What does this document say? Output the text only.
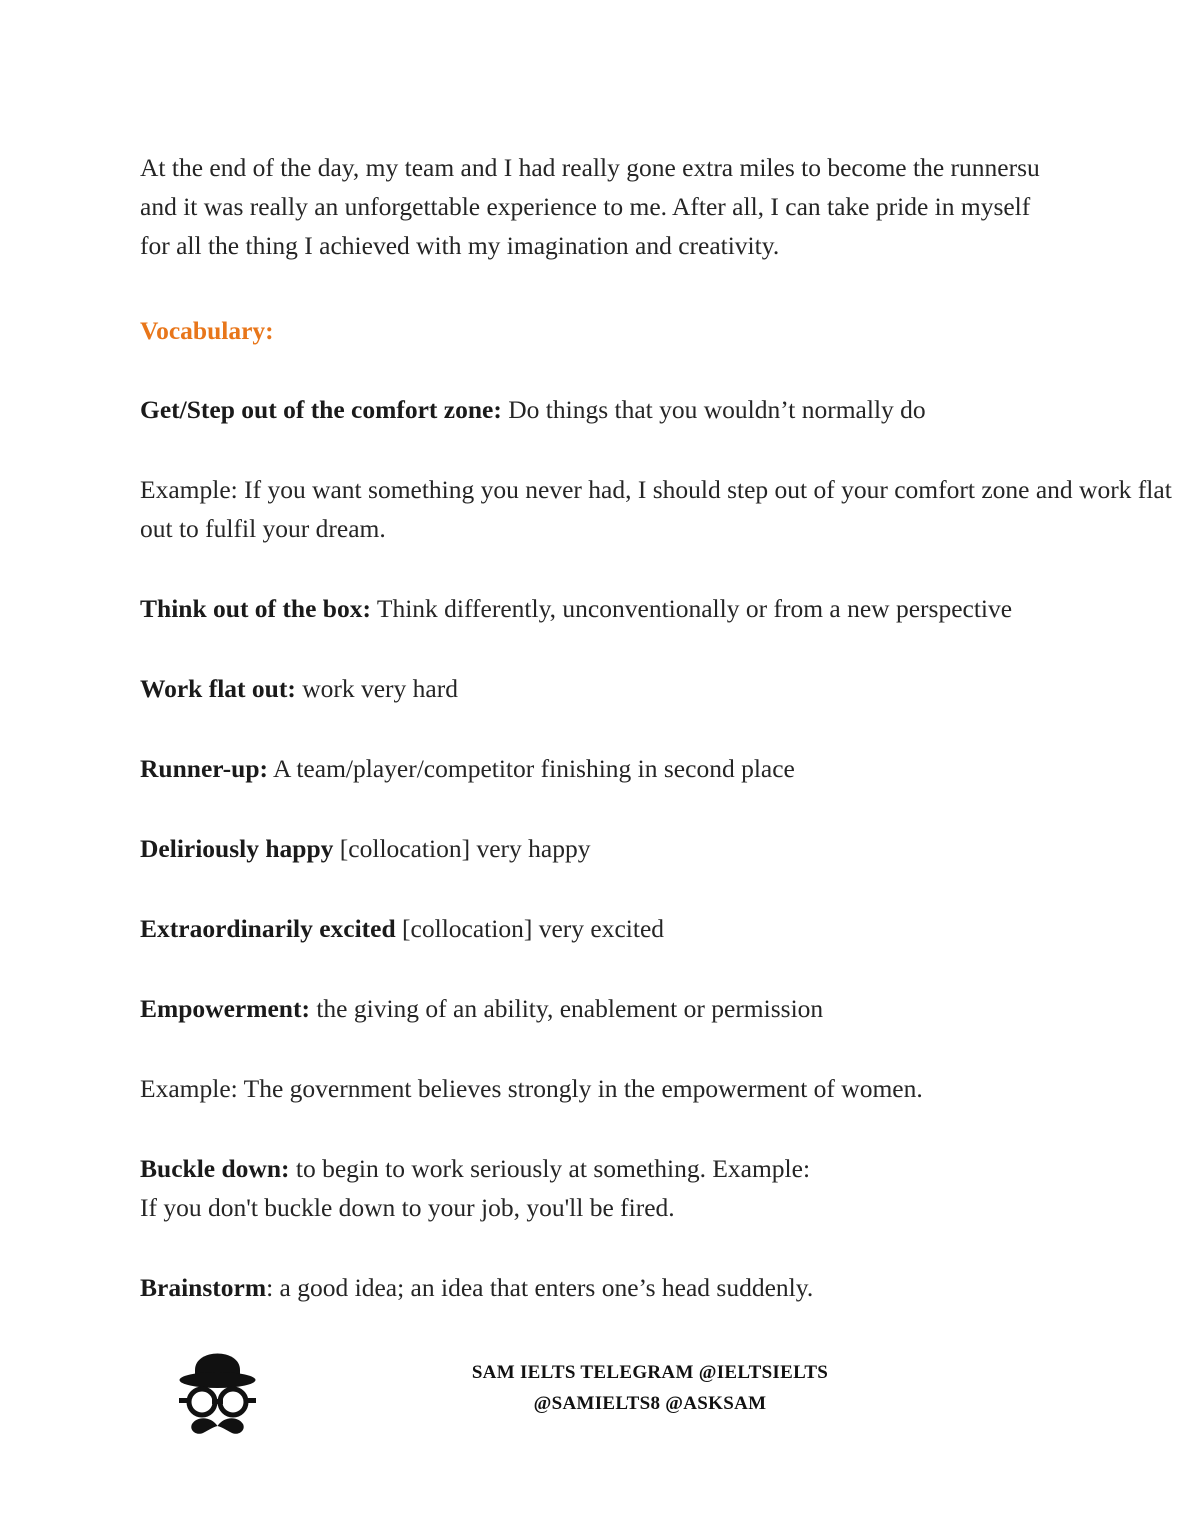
At the end of the day, my team and I had really gone extra miles to become the runnersu
and it was really an unforgettable experience to me. After all, I can take pride in myself
for all the thing I achieved with my imagination and creativity.

Vocabulary:

Get/Step out of the comfort zone: Do things that you wouldn’t normally do

Example: If you want something you never had, I should step out of your comfort zone and work flat out to fulfil your dream.

Think out of the box: Think differently, unconventionally or from a new perspective

Work flat out: work very hard

Runner-up: A team/player/competitor finishing in second place

Deliriously happy [collocation] very happy

Extraordinarily excited [collocation] very excited

Empowerment: the giving of an ability, enablement or permission

Example: The government believes strongly in the empowerment of women.

Buckle down: to begin to work seriously at something. Example:
If you don't buckle down to your job, you'll be fired.

Brainstorm: a good idea; an idea that enters one’s head suddenly.

SAM IELTS TELEGRAM @IELTSIELTS
@SAMIELTS8 @ASKSAM
